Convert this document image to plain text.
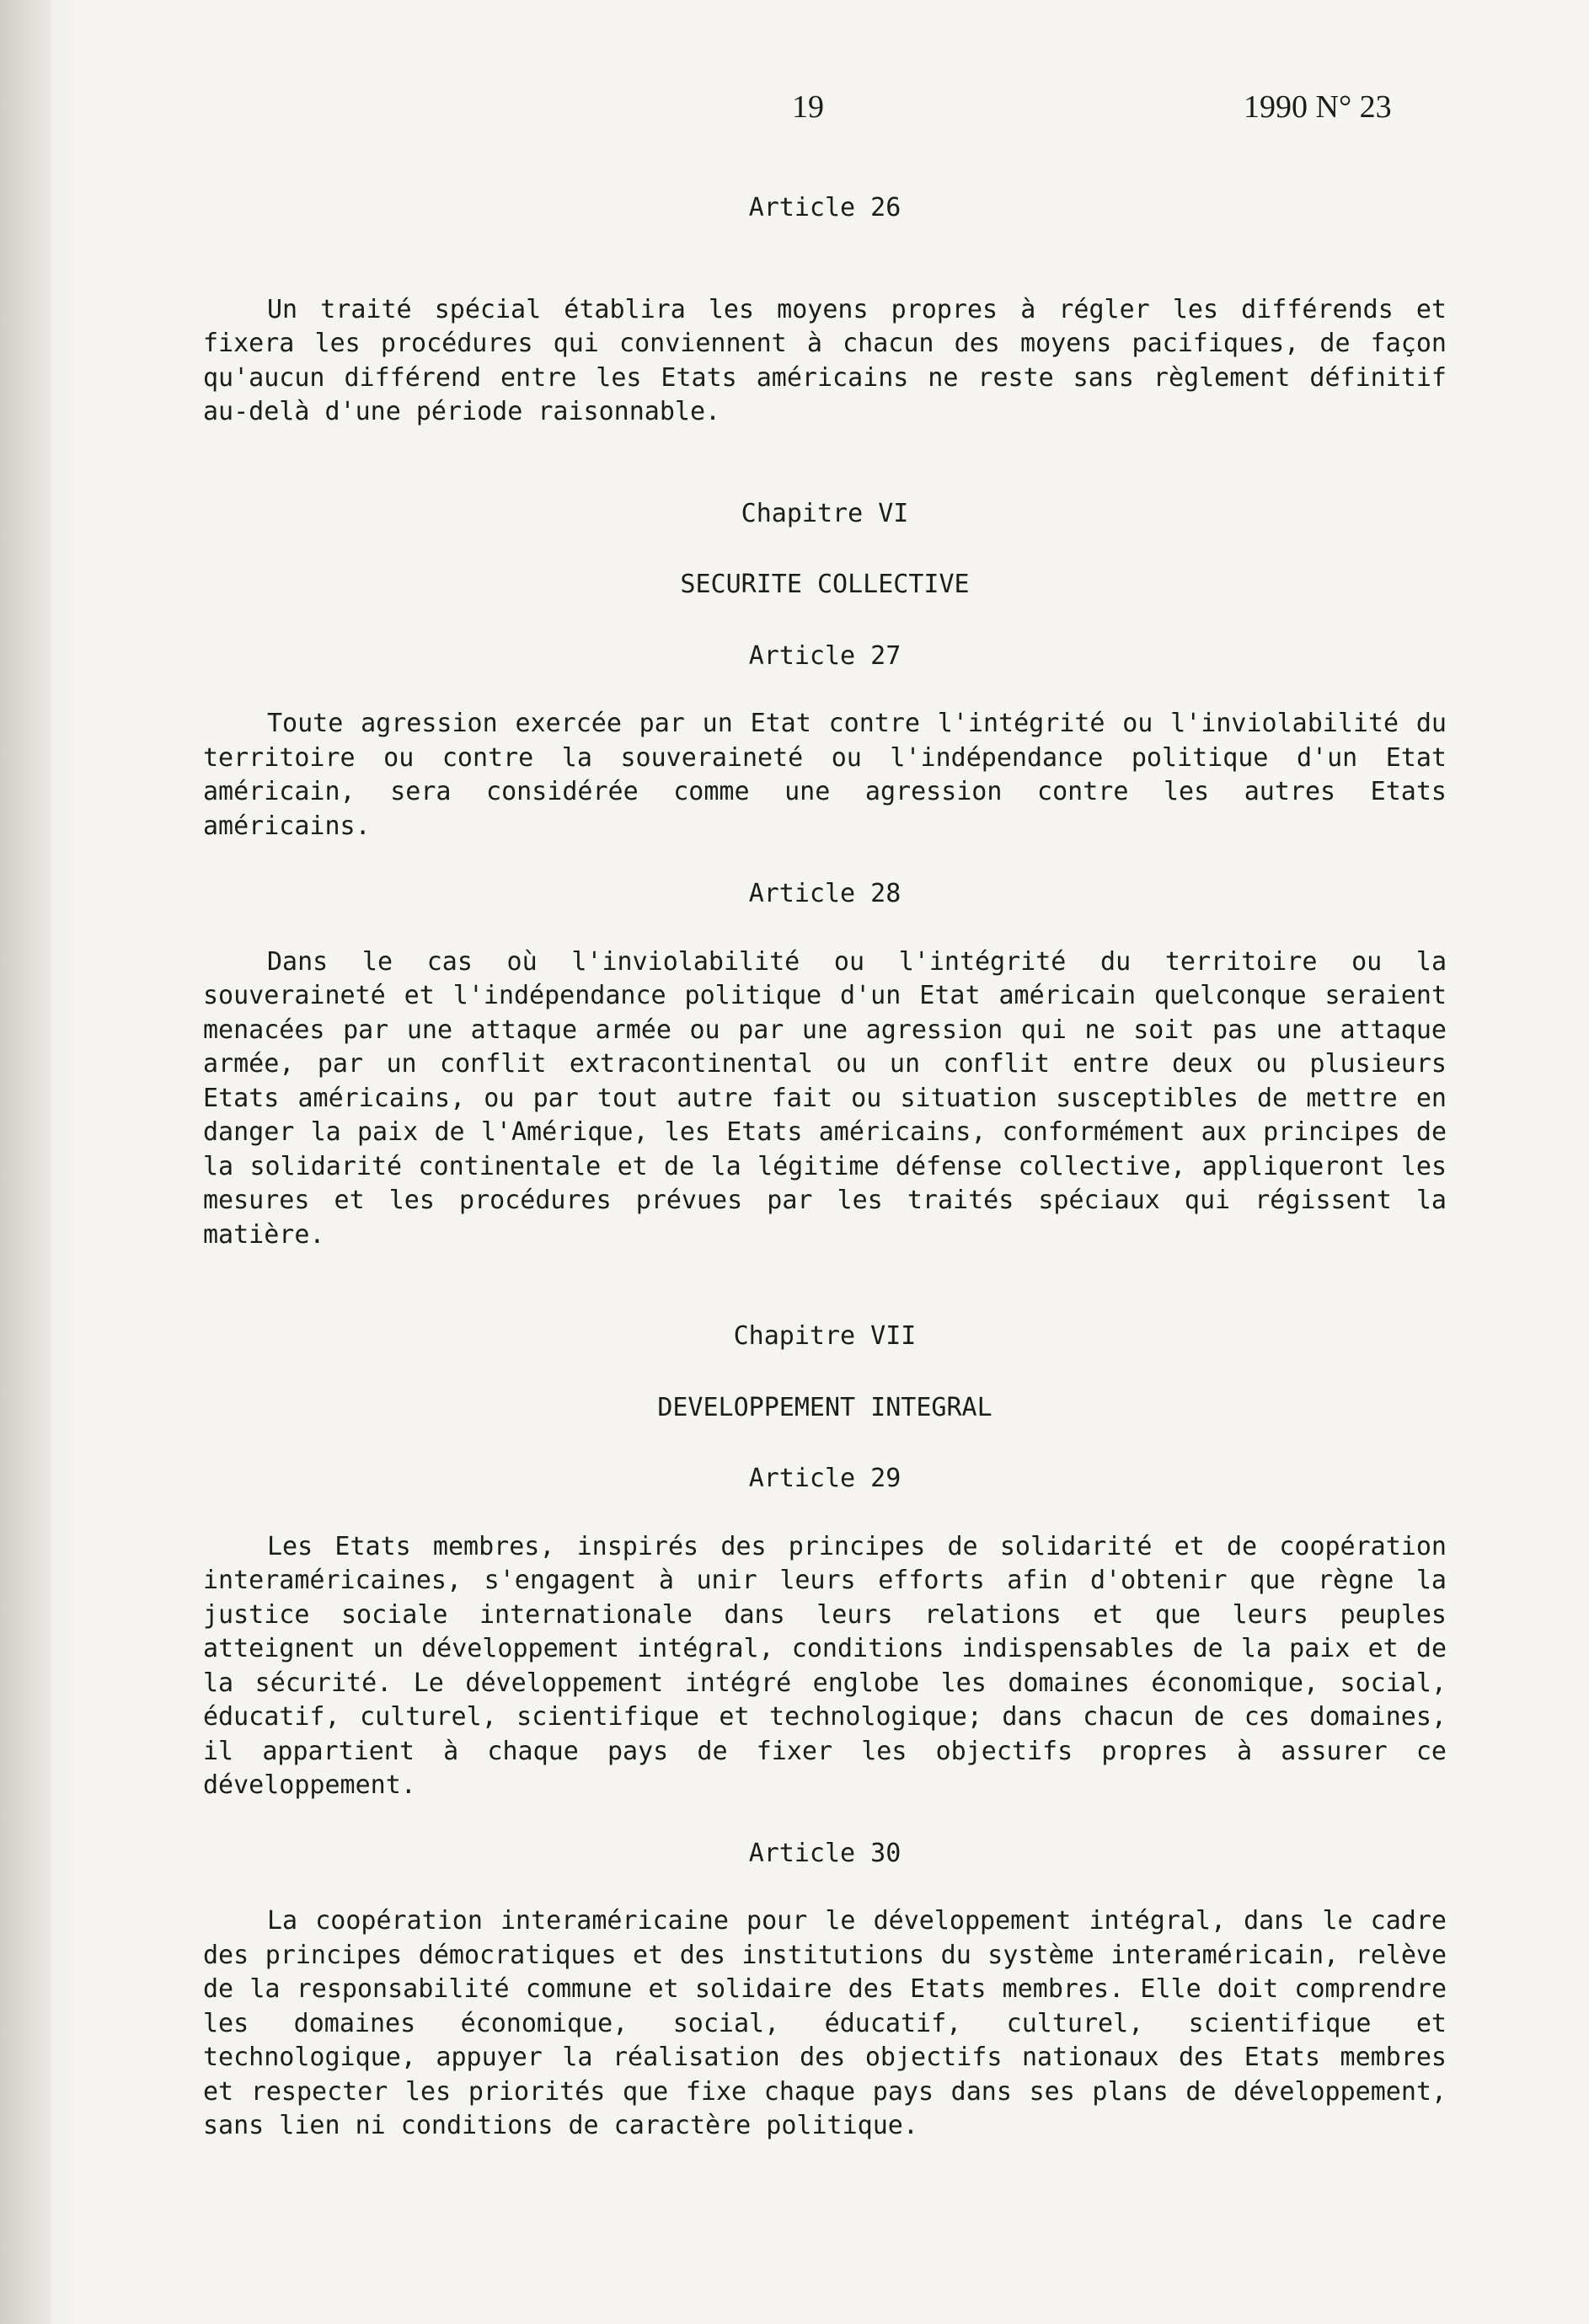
19	1990 N° 23

Article 26

Un traité spécial établira les moyens propres à régler les différends et fixera les procédures qui conviennent à chacun des moyens pacifiques, de façon qu'aucun différend entre les Etats américains ne reste sans règlement définitif au-delà d'une période raisonnable.

Chapitre VI

SECURITE COLLECTIVE

Article 27

Toute agression exercée par un Etat contre l'intégrité ou l'inviolabilité du territoire ou contre la souveraineté ou l'indépendance politique d'un Etat américain, sera considérée comme une agression contre les autres Etats américains.

Article 28

Dans le cas où l'inviolabilité ou l'intégrité du territoire ou la souveraineté et l'indépendance politique d'un Etat américain quelconque seraient menacées par une attaque armée ou par une agression qui ne soit pas une attaque armée, par un conflit extracontinental ou un conflit entre deux ou plusieurs Etats américains, ou par tout autre fait ou situation susceptibles de mettre en danger la paix de l'Amérique, les Etats américains, conformément aux principes de la solidarité continentale et de la légitime défense collective, appliqueront les mesures et les procédures prévues par les traités spéciaux qui régissent la matière.

Chapitre VII

DEVELOPPEMENT INTEGRAL

Article 29

Les Etats membres, inspirés des principes de solidarité et de coopération interaméricaines, s'engagent à unir leurs efforts afin d'obtenir que règne la justice sociale internationale dans leurs relations et que leurs peuples atteignent un développement intégral, conditions indispensables de la paix et de la sécurité. Le développement intégré englobe les domaines économique, social, éducatif, culturel, scientifique et technologique; dans chacun de ces domaines, il appartient à chaque pays de fixer les objectifs propres à assurer ce développement.

Article 30

La coopération interaméricaine pour le développement intégral, dans le cadre des principes démocratiques et des institutions du système interaméricain, relève de la responsabilité commune et solidaire des Etats membres. Elle doit comprendre les domaines économique, social, éducatif, culturel, scientifique et technologique, appuyer la réalisation des objectifs nationaux des Etats membres et respecter les priorités que fixe chaque pays dans ses plans de développement, sans lien ni conditions de caractère politique.
